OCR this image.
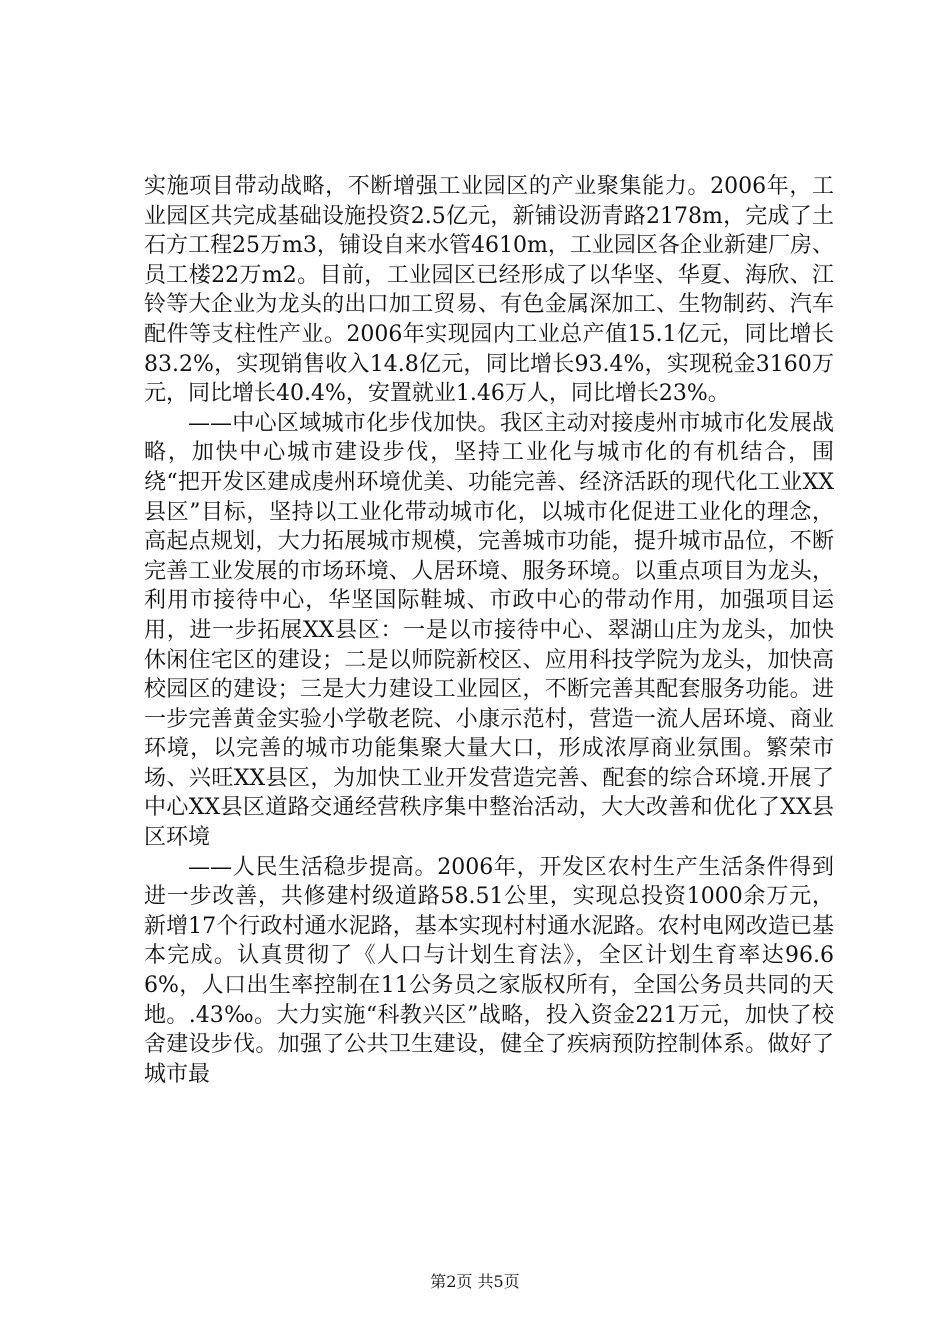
实施项目带动战略，不断增强工业园区的产业聚集能力。2006年，工业园区共完成基础设施投资2.5亿元，新铺设沥青路2178m，完成了土石方工程25万m3，铺设自来水管4610m，工业园区各企业新建厂房、员工楼22万m2。目前，工业园区已经形成了以华坚、华夏、海欣、江铃等大企业为龙头的出口加工贸易、有色金属深加工、生物制药、汽车配件等支柱性产业。2006年实现园内工业总产值15.1亿元，同比增长83.2%，实现销售收入14.8亿元，同比增长93.4%，实现税金3160万元，同比增长40.4%，安置就业1.46万人，同比增长23%。

——中心区域城市化步伐加快。我区主动对接虔州市城市化发展战略，加快中心城市建设步伐，坚持工业化与城市化的有机结合，围绕“把开发区建成虔州环境优美、功能完善、经济活跃的现代化工业XX县区”目标，坚持以工业化带动城市化，以城市化促进工业化的理念，高起点规划，大力拓展城市规模，完善城市功能，提升城市品位，不断完善工业发展的市场环境、人居环境、服务环境。以重点项目为龙头，利用市接待中心，华坚国际鞋城、市政中心的带动作用，加强项目运用，进一步拓展XX县区：一是以市接待中心、翠湖山庄为龙头，加快休闲住宅区的建设；二是以师院新校区、应用科技学院为龙头，加快高校园区的建设；三是大力建设工业园区，不断完善其配套服务功能。进一步完善黄金实验小学敬老院、小康示范村，营造一流人居环境、商业环境，以完善的城市功能集聚大量大口，形成浓厚商业氛围。繁荣市场、兴旺XX县区，为加快工业开发营造完善、配套的综合环境.开展了中心XX县区道路交通经营秩序集中整治活动，大大改善和优化了XX县区环境

——人民生活稳步提高。2006年，开发区农村生产生活条件得到进一步改善，共修建村级道路58.51公里，实现总投资1000余万元，新增17个行政村通水泥路，基本实现村村通水泥路。农村电网改造已基本完成。认真贯彻了《人口与计划生育法》，全区计划生育率达96.66%，人口出生率控制在11公务员之家版权所有，全国公务员共同的天地。.43‰。大力实施“科教兴区”战略，投入资金221万元，加快了校舍建设步伐。加强了公共卫生建设，健全了疾病预防控制体系。做好了城市最

第2页 共5页
